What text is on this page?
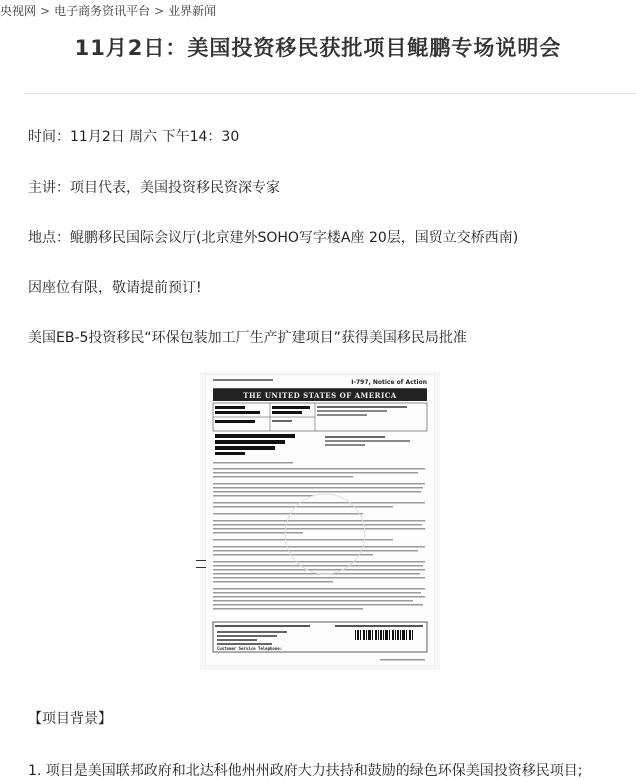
央视网 > 电子商务资讯平台 > 业界新闻
11月2日：美国投资移民获批项目鲲鹏专场说明会
时间：11月2日 周六 下午14：30
主讲：项目代表，美国投资移民资深专家
地点：鲲鹏移民国际会议厅(北京建外SOHO写字楼A座 20层，国贸立交桥西南)
因座位有限，敬请提前预订!
美国EB-5投资移民“环保包装加工厂生产扩建项目”获得美国移民局批准
I-797, Notice of Action
THE UNITED STATES OF AMERICA
Customer Service Telephone:
【项目背景】
1. 项目是美国联邦政府和北达科他州州政府大力扶持和鼓励的绿色环保美国投资移民项目;
